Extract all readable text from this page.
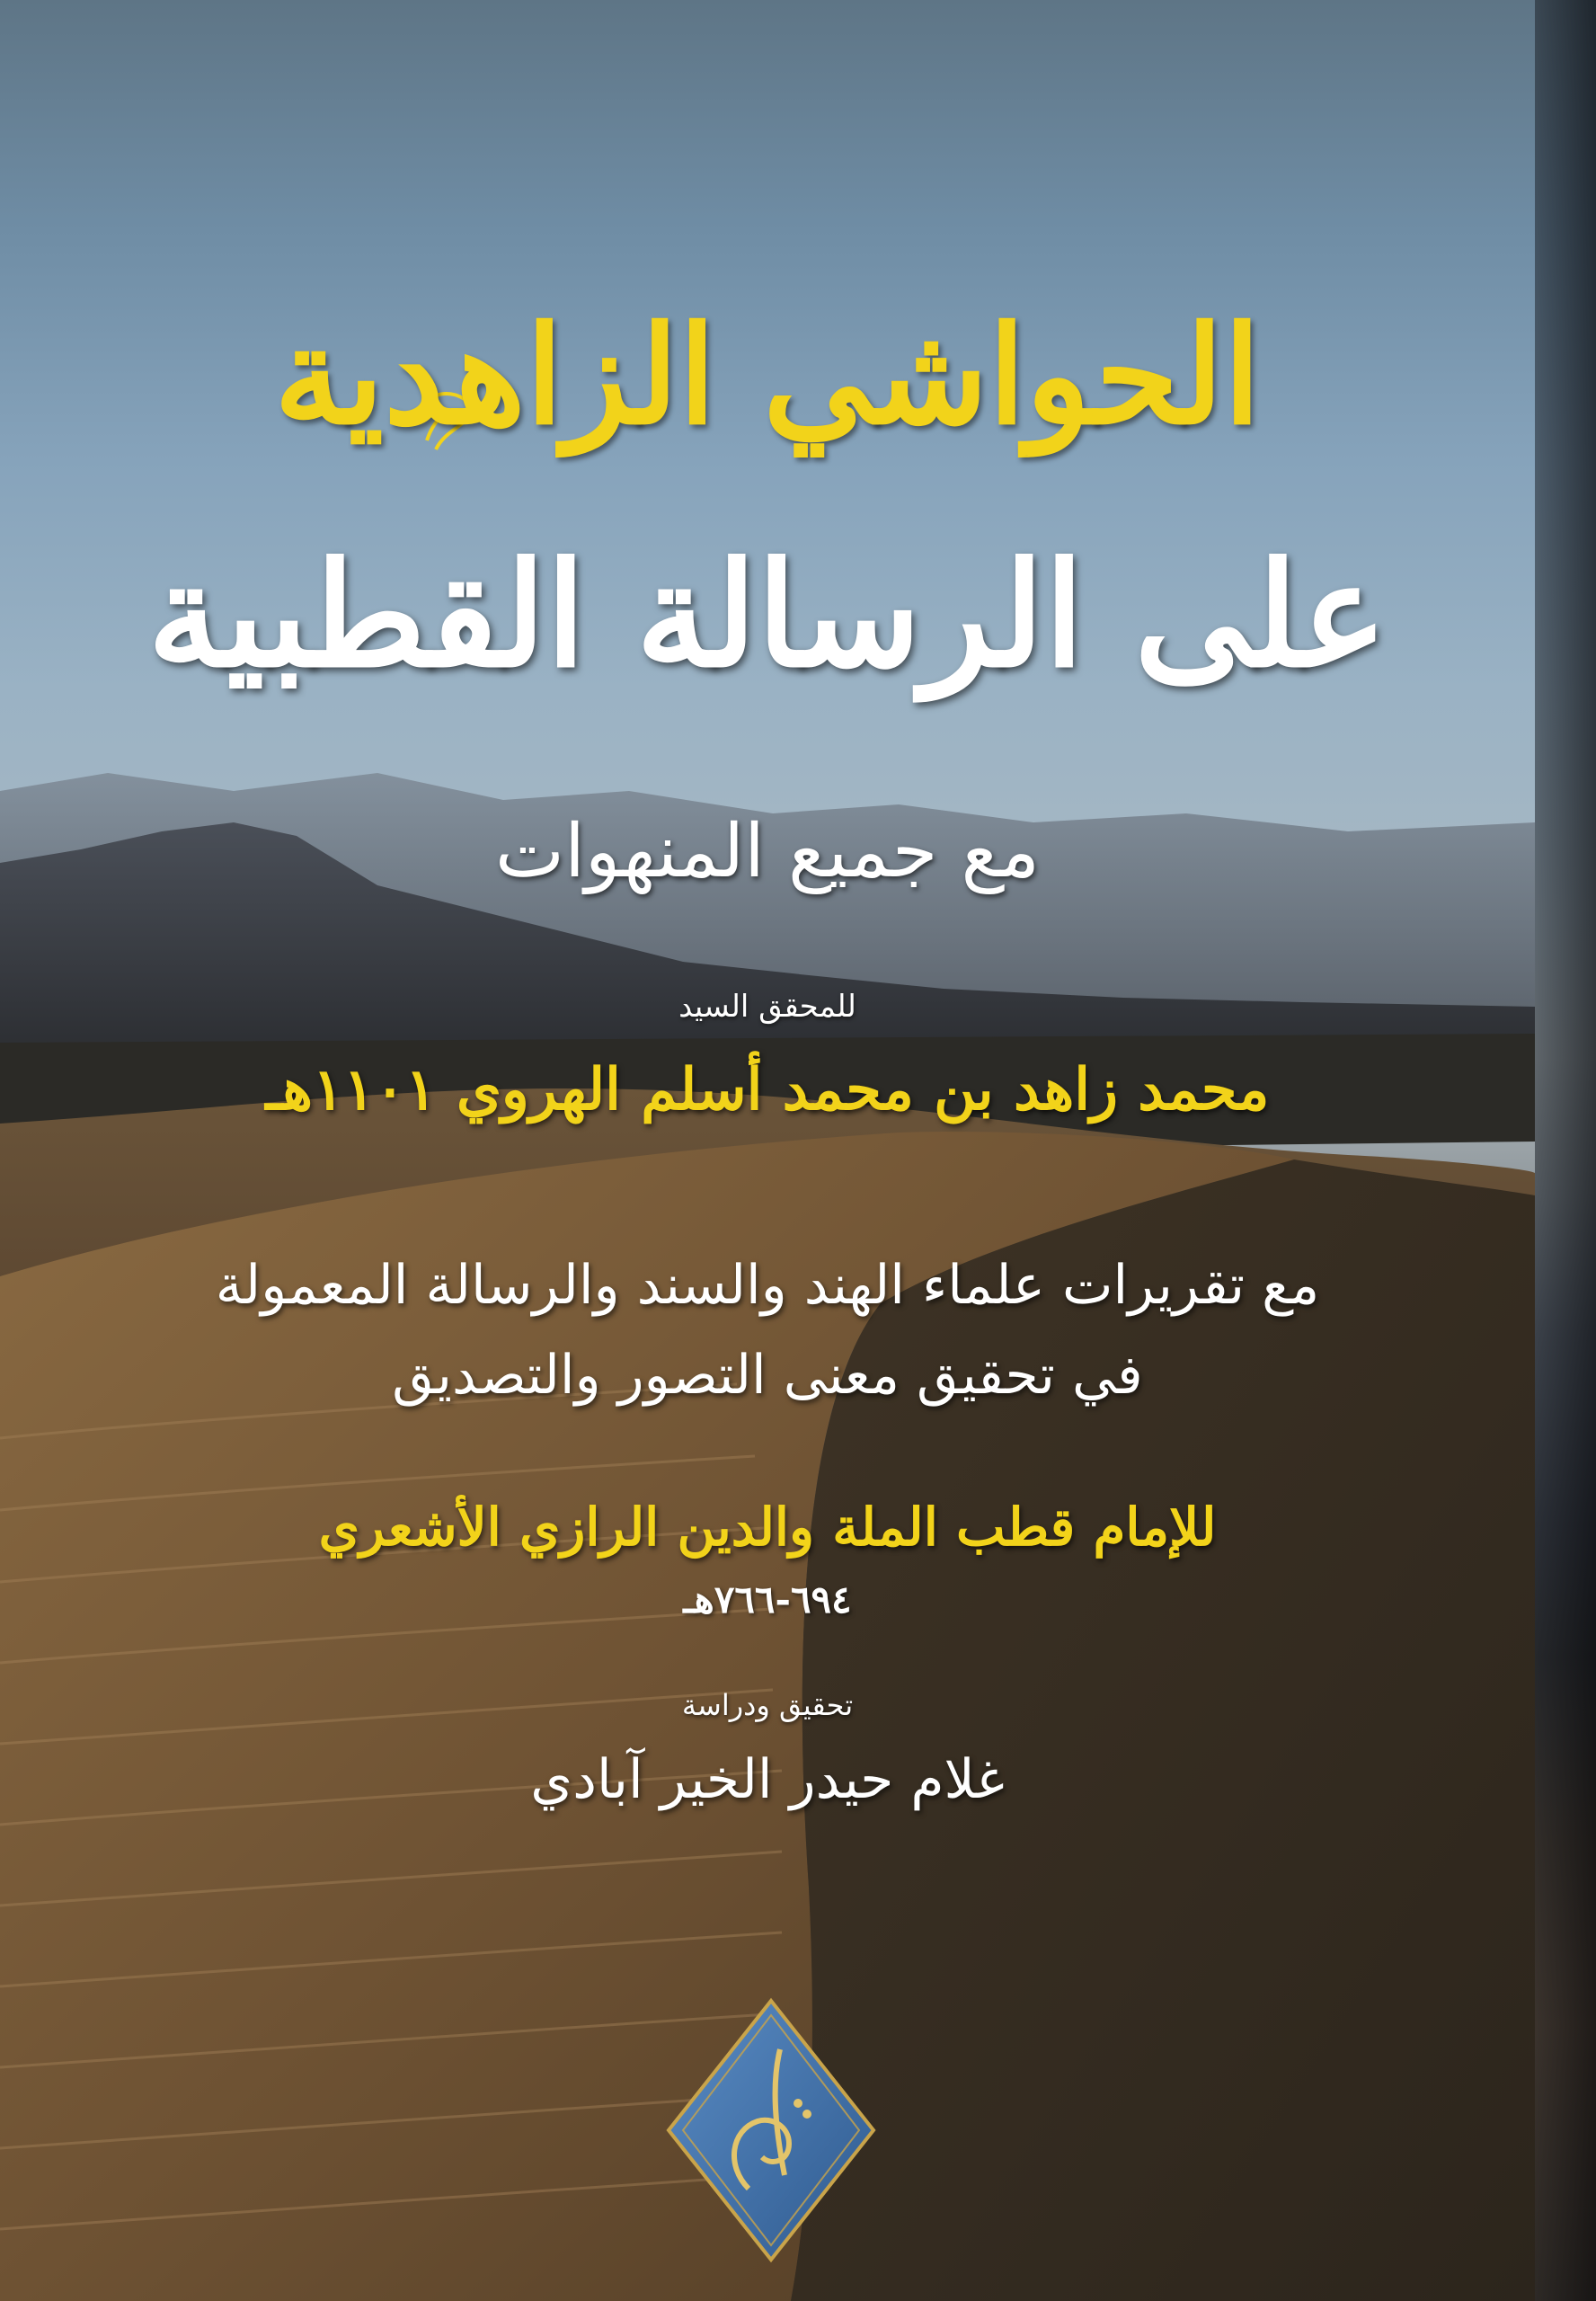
الحواشي الزاهدية
على الرسالة القطبية
مع جميع المنهوات
للمحقق السيد
محمد زاهد بن محمد أسلم الهروي ١١٠١هـ
مع تقريرات علماء الهند والسند والرسالة المعمولة
في تحقيق معنى التصور والتصديق
للإمام قطب الملة والدين الرازي الأشعري
٦٩٤-٧٦٦هـ
تحقيق ودراسة
غلام حيدر الخير آبادي
